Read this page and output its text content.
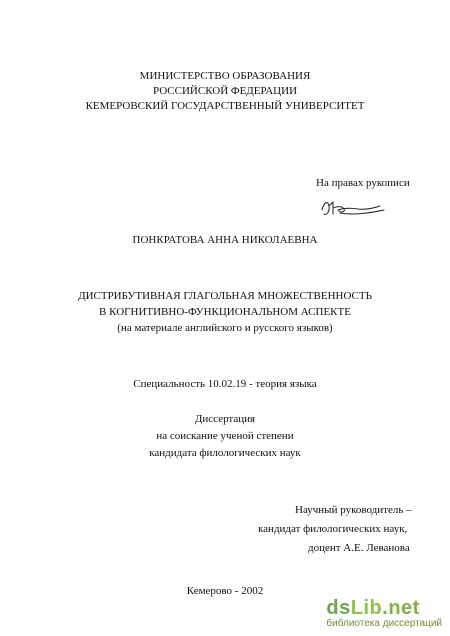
МИНИСТЕРСТВО ОБРАЗОВАНИЯ
РОССИЙСКОЙ ФЕДЕРАЦИИ
КЕМЕРОВСКИЙ ГОСУДАРСТВЕННЫЙ УНИВЕРСИТЕТ
На правах рукописи
ПОНКРАТОВА АННА НИКОЛАЕВНА
ДИСТРИБУТИВНАЯ ГЛАГОЛЬНАЯ МНОЖЕСТВЕННОСТЬ
В КОГНИТИВНО-ФУНКЦИОНАЛЬНОМ АСПЕКТЕ
(на материале английского и русского языков)
Специальность 10.02.19 - теория языка
Диссертация
на соискание ученой степени
кандидата филологических наук
Научный руководитель –
кандидат филологических наук,
доцент А.Е. Леванова
Кемерово - 2002
dsLib.net
библиотека диссертаций
